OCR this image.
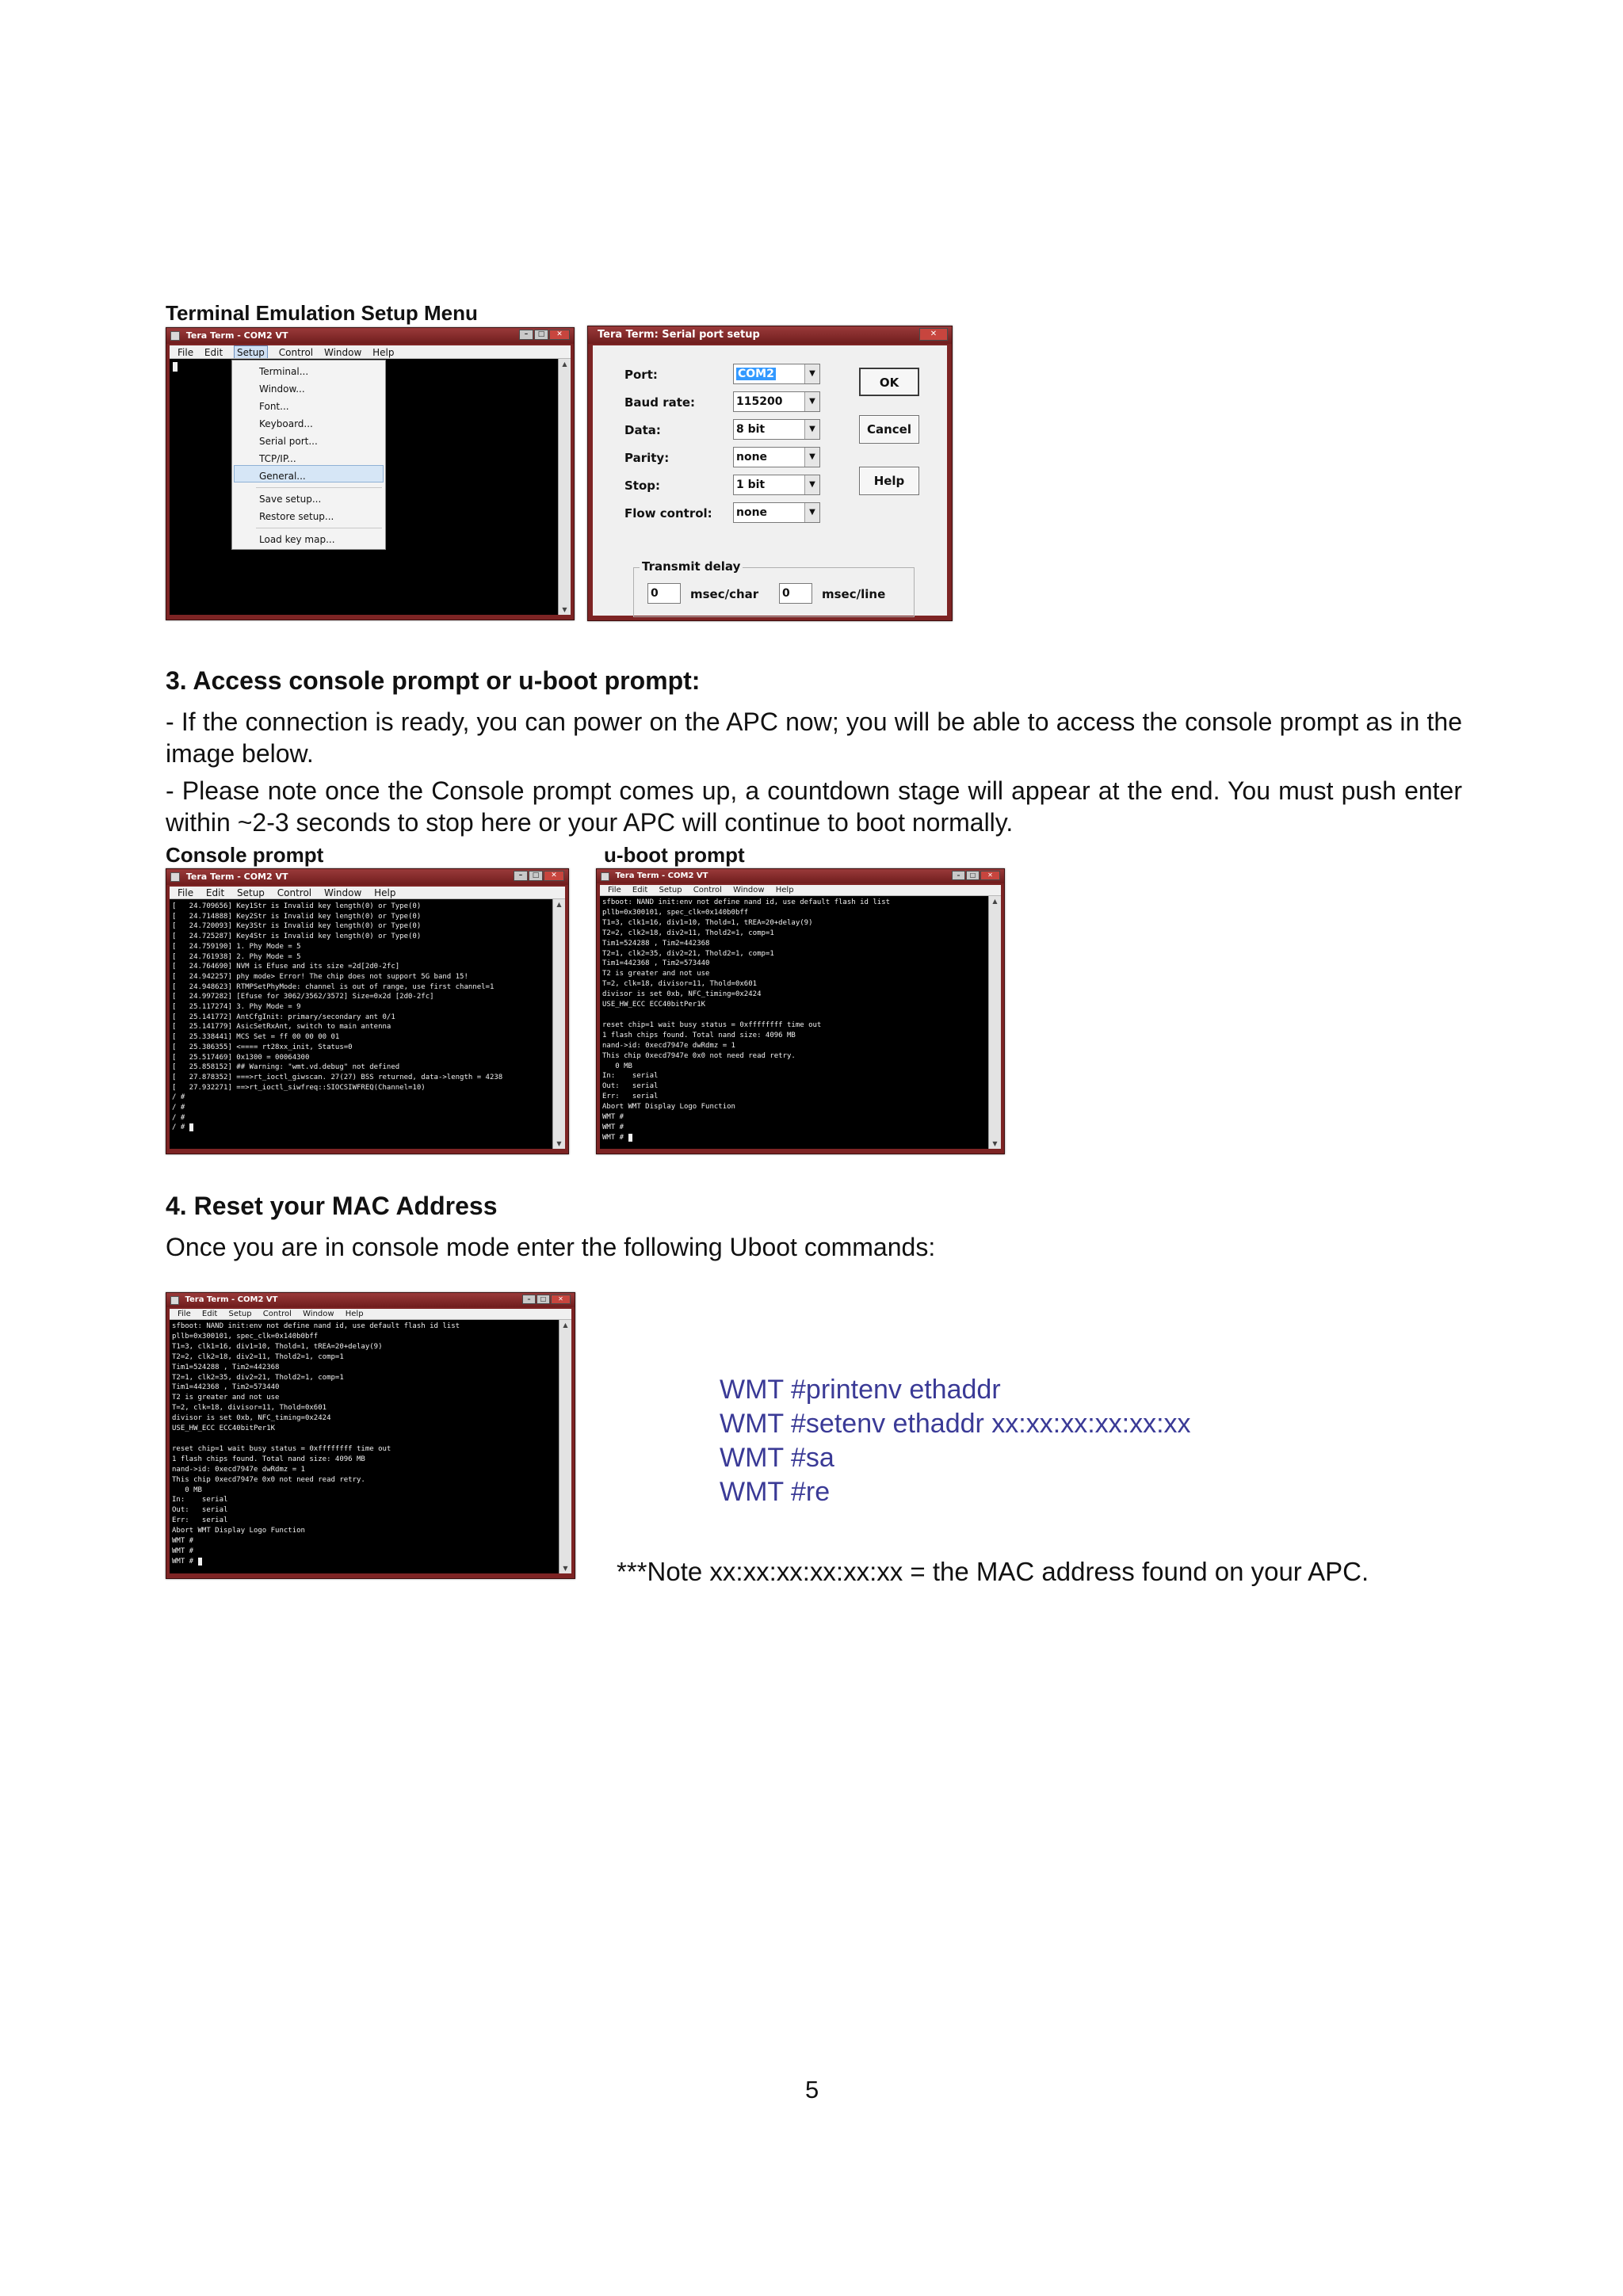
Terminal Emulation Setup Menu
Tera Term - COM2 VT	–	□	✕
File Edit Setup Control Window Help
▲
▼
Terminal...
Window...
Font...
Keyboard...
Serial port...
TCP/IP...
General...
Save setup...
Restore setup...
Load key map...
Tera Term: Serial port setup	✕
Port:	COM2	▼
Baud rate:	115200	▼
Data:	8 bit	▼
Parity:	none	▼
Stop:	1 bit	▼
Flow control: none	▼
OK
Cancel
Help
Transmit delay
0	msec/char 0	msec/line
3. Access console prompt or u-boot prompt:
- If the connection is ready, you can power on the APC now; you will be able to access the console prompt as in the image below.
- Please note once the Console prompt comes up, a countdown stage will appear at the end. You must push enter within ~2-3 seconds to stop here or your APC will continue to boot normally.
Console prompt	u-boot prompt
Tera Term - COM2 VT	–	□	✕
File Edit Setup Control Window Help
[   24.709656] Key1Str is Invalid key length(0) or Type(0)
[   24.714888] Key2Str is Invalid key length(0) or Type(0)
[   24.720093] Key3Str is Invalid key length(0) or Type(0)
[   24.725287] Key4Str is Invalid key length(0) or Type(0)
[   24.759190] 1. Phy Mode = 5
[   24.761938] 2. Phy Mode = 5
[   24.764690] NVM is Efuse and its size =2d[2d0-2fc]
[   24.942257] phy mode> Error! The chip does not support 5G band 15!
[   24.948623] RTMPSetPhyMode: channel is out of range, use first channel=1
[   24.997282] [Efuse for 3062/3562/3572] Size=0x2d [2d0-2fc]
[   25.117274] 3. Phy Mode = 9
[   25.141772] AntCfgInit: primary/secondary ant 0/1
[   25.141779] AsicSetRxAnt, switch to main antenna
[   25.338441] MCS Set = ff 00 00 00 01
[   25.386355] <==== rt28xx_init, Status=0
[   25.517469] 0x1300 = 00064300
[   25.858152] ## Warning: "wmt.vd.debug" not defined
[   27.878352] ===>rt_ioctl_giwscan. 27(27) BSS returned, data->length = 4238
[   27.932271] ==>rt_ioctl_siwfreq::SIOCSIWFREQ(Channel=10)
/ #
/ #
/ #
/ #
▲
▼
Tera Term - COM2 VT	–	□	✕
File Edit Setup Control Window Help
sfboot: NAND init:env not define nand id, use default flash id list
pllb=0x300101, spec_clk=0x140b0bff
T1=3, clk1=16, div1=10, Thold=1, tREA=20+delay(9)
T2=2, clk2=18, div2=11, Thold2=1, comp=1
Tim1=524288 , Tim2=442368
T2=1, clk2=35, div2=21, Thold2=1, comp=1
Tim1=442368 , Tim2=573440
T2 is greater and not use
T=2, clk=18, divisor=11, Thold=0x601
divisor is set 0xb, NFC_timing=0x2424
USE_HW_ECC ECC40bitPer1K

reset chip=1 wait busy status = 0xffffffff time out
1 flash chips found. Total nand size: 4096 MB
nand->id: 0xecd7947e dwRdmz = 1
This chip 0xecd7947e 0x0 not need read retry.
0 MB
In:    serial
Out:   serial
Err:   serial
Abort WMT Display Logo Function
WMT #
WMT #
WMT #
▲
▼
4. Reset your MAC Address
Once you are in console mode enter the following Uboot commands:
Tera Term - COM2 VT	–	□	✕
File Edit Setup Control Window Help
sfboot: NAND init:env not define nand id, use default flash id list
pllb=0x300101, spec_clk=0x140b0bff
T1=3, clk1=16, div1=10, Thold=1, tREA=20+delay(9)
T2=2, clk2=18, div2=11, Thold2=1, comp=1
Tim1=524288 , Tim2=442368
T2=1, clk2=35, div2=21, Thold2=1, comp=1
Tim1=442368 , Tim2=573440
T2 is greater and not use
T=2, clk=18, divisor=11, Thold=0x601
divisor is set 0xb, NFC_timing=0x2424
USE_HW_ECC ECC40bitPer1K

reset chip=1 wait busy status = 0xffffffff time out
1 flash chips found. Total nand size: 4096 MB
nand->id: 0xecd7947e dwRdmz = 1
This chip 0xecd7947e 0x0 not need read retry.
0 MB
In:    serial
Out:   serial
Err:   serial
Abort WMT Display Logo Function
WMT #
WMT #
WMT #
▲
▼
WMT #printenv ethaddr
WMT #setenv ethaddr xx:xx:xx:xx:xx:xx
WMT #sa
WMT #re
***Note xx:xx:xx:xx:xx:xx = the MAC address found on your APC.
5
